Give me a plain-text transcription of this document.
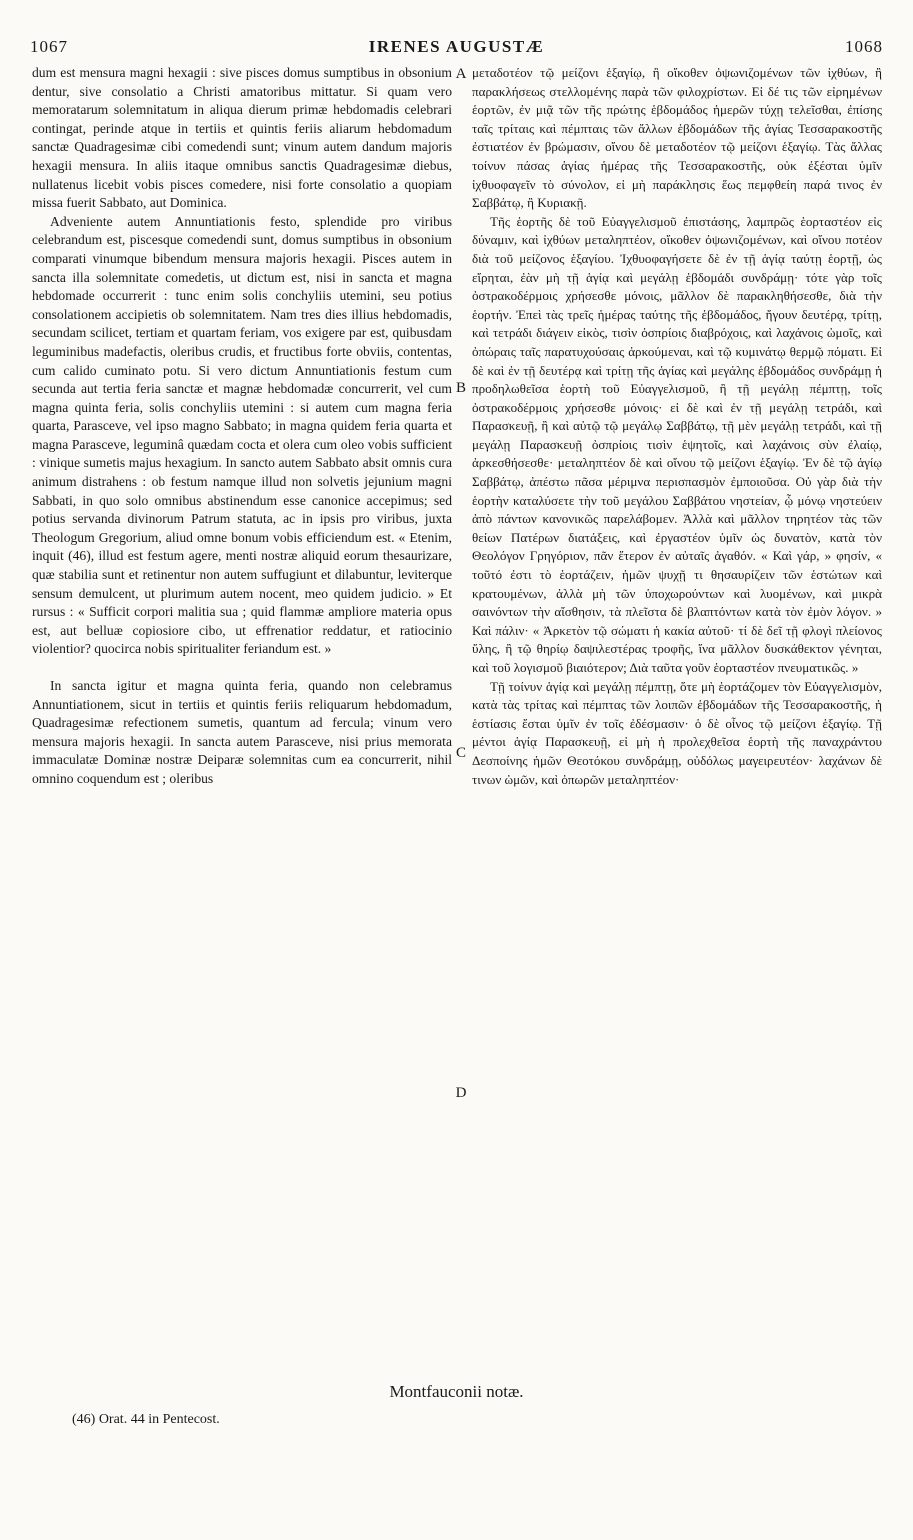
1067	IRENES AUGUSTÆ	1068

dum est mensura magni hexagii : sive pisces domus sumptibus in obsonium dentur, sive consolatio a Christi amatoribus mittatur. Si quam vero memoratarum solemnitatum in aliqua dierum primæ hebdomadis celebrari contingat, perinde atque in tertiis et quintis feriis aliarum hebdomadum sanctæ Quadragesimæ cibi comedendi sunt; vinum autem dandum majoris hexagii mensura. In aliis itaque omnibus sanctis Quadragesimæ diebus, nullatenus licebit vobis pisces comedere, nisi forte consolatio a quopiam missa fuerit Sabbato, aut Dominica.

Adveniente autem Annuntiationis festo, splendide pro viribus celebrandum est, piscesque comedendi sunt, domus sumptibus in obsonium comparati vinumque bibendum mensura majoris hexagii. Pisces autem in sancta illa solemnitate comedetis, ut dictum est, nisi in sancta et magna hebdomade occurrerit : tunc enim solis conchyliis utemini, seu potius consolationem accipietis ob solemnitatem. Nam tres dies illius hebdomadis, secundam scilicet, tertiam et quartam feriam, vos exigere par est, quibusdam leguminibus madefactis, oleribus crudis, et fructibus forte obviis, contentas, cum calido cuminato potu. Si vero dictum Annuntiationis festum cum secunda aut tertia feria sanctæ et magnæ hebdomadæ concurrerit, vel cum magna quinta feria, solis conchyliis utemini : si autem cum magna feria quarta, Parasceve, vel ipso magno Sabbato; in magna quidem feria quarta et magna Parasceve, leguminâ quædam cocta et olera cum oleo vobis sufficient : vinique sumetis majus hexagium. In sancto autem Sabbato absit omnis cura animum distrahens : ob festum namque illud non solvetis jejunium magni Sabbati, in quo solo omnibus abstinendum esse canonice accepimus; sed potius servanda divinorum Patrum statuta, ac in ipsis pro viribus, juxta Theologum Gregorium, aliud omne bonum vobis efficiendum est. « Etenim, inquit (46), illud est festum agere, menti nostræ aliquid eorum thesaurizare, quæ stabilia sunt et retinentur non autem suffugiunt et dilabuntur, leviterque sensum demulcent, ut plurimum autem nocent, meo quidem judicio. » Et rursus : « Sufficit corpori malitia sua ; quid flammæ ampliore materia opus est, aut belluæ copiosiore cibo, ut effrenatior reddatur, et ratiocinio violentior? quocirca nobis spiritualiter feriandum est. »

In sancta igitur et magna quinta feria, quando non celebramus Annuntiationem, sicut in tertiis et quintis feriis reliquarum hebdomadum, Quadragesimæ refectionem sumetis, quantum ad fercula; vinum vero mensura majoris hexagii. In sancta autem Parasceve, nisi prius memorata immaculatæ Dominæ nostræ Deiparæ solemnitas cum ea concurrerit, nihil omnino coquendum est ; oleribus

A
B
C
D

μεταδοτέον τῷ μείζονι ἑξαγίῳ, ἢ οἴκοθεν ὀψωνιζομένων τῶν ἰχθύων, ἢ παρακλήσεως στελλομένης παρὰ τῶν φιλοχρίστων. Εἰ δέ τις τῶν εἰρημένων ἑορτῶν, ἐν μιᾷ τῶν τῆς πρώτης ἑβδομάδος ἡμερῶν τύχῃ τελεῖσθαι, ἐπίσης ταῖς τρίταις καὶ πέμπταις τῶν ἄλλων ἑβδομάδων τῆς ἁγίας Τεσσαρακοστῆς ἐστιατέον ἐν βρώμασιν, οἴνου δὲ μεταδοτέον τῷ μείζονι ἑξαγίῳ. Τὰς ἄλλας τοίνυν πάσας ἁγίας ἡμέρας τῆς Τεσσαρακοστῆς, οὐκ ἐξέσται ὑμῖν ἰχθυοφαγεῖν τὸ σύνολον, εἰ μὴ παράκλησις ἕως πεμφθείη παρά τινος ἐν Σαββάτῳ, ἢ Κυριακῇ.

Τῆς ἑορτῆς δὲ τοῦ Εὐαγγελισμοῦ ἐπιστάσης, λαμπρῶς ἑορταστέον εἰς δύναμιν, καὶ ἰχθύων μεταληπτέον, οἴκοθεν ὀψωνιζομένων, καὶ οἴνου ποτέον διὰ τοῦ μείζονος ἑξαγίου. Ἰχθυοφαγήσετε δὲ ἐν τῇ ἁγίᾳ ταύτῃ ἑορτῇ, ὡς εἴρηται, ἐὰν μὴ τῇ ἁγίᾳ καὶ μεγάλῃ ἑβδομάδι συνδράμῃ· τότε γὰρ τοῖς ὀστρακοδέρμοις χρήσεσθε μόνοις, μᾶλλον δὲ παρακληθήσεσθε, διὰ τὴν ἑορτήν. Ἐπεὶ τὰς τρεῖς ἡμέρας ταύτης τῆς ἑβδομάδος, ἤγουν δευτέρᾳ, τρίτῃ, καὶ τετράδι διάγειν εἰκὸς, τισὶν ὀσπρίοις διαβρόχοις, καὶ λαχάνοις ὠμοῖς, καὶ ὀπώραις ταῖς παρατυχούσαις ἀρκούμεναι, καὶ τῷ κυμινάτῳ θερμῷ πόματι. Εἰ δὲ καὶ ἐν τῇ δευτέρᾳ καὶ τρίτῃ τῆς ἁγίας καὶ μεγάλης ἑβδομάδος συνδράμῃ ἡ προδηλωθεῖσα ἑορτὴ τοῦ Εὐαγγελισμοῦ, ἢ τῇ μεγάλῃ πέμπτῃ, τοῖς ὀστρακοδέρμοις χρήσεσθε μόνοις· εἰ δὲ καὶ ἐν τῇ μεγάλῃ τετράδι, καὶ Παρασκευῇ, ἢ καὶ αὐτῷ τῷ μεγάλῳ Σαββάτῳ, τῇ μὲν μεγάλῃ τετράδι, καὶ τῇ μεγάλῃ Παρασκευῇ ὀσπρίοις τισὶν ἑψητοῖς, καὶ λαχάνοις σὺν ἐλαίῳ, ἀρκεσθήσεσθε· μεταληπτέον δὲ καὶ οἴνου τῷ μείζονι ἑξαγίῳ. Ἐν δὲ τῷ ἁγίῳ Σαββάτῳ, ἀπέστω πᾶσα μέριμνα περισπασμὸν ἐμποιοῦσα. Οὐ γὰρ διὰ τὴν ἑορτὴν καταλύσετε τὴν τοῦ μεγάλου Σαββάτου νηστείαν, ᾧ μόνῳ νηστεύειν ἀπὸ πάντων κανονικῶς παρελάβομεν. Ἀλλὰ καὶ μᾶλλον τηρητέον τὰς τῶν θείων Πατέρων διατάξεις, καὶ ἐργαστέον ὑμῖν ὡς δυνατὸν, κατὰ τὸν Θεολόγον Γρηγόριον, πᾶν ἕτερον ἐν αὐταῖς ἀγαθόν. « Καὶ γάρ, » φησίν, « τοῦτό ἐστι τὸ ἑορτάζειν, ἡμῶν ψυχῇ τι θησαυρίζειν τῶν ἑστώτων καὶ κρατουμένων, ἀλλὰ μὴ τῶν ὑποχωρούντων καὶ λυομένων, καὶ μικρὰ σαινόντων τὴν αἴσθησιν, τὰ πλεῖστα δὲ βλαπτόντων κατὰ τὸν ἐμὸν λόγον. » Καὶ πάλιν· « Ἀρκετὸν τῷ σώματι ἡ κακία αὐτοῦ· τί δὲ δεῖ τῇ φλογὶ πλείονος ὕλης, ἢ τῷ θηρίῳ δαψιλεστέρας τροφῆς, ἵνα μᾶλλον δυσκάθεκτον γένηται, καὶ τοῦ λογισμοῦ βιαιότερον; Διὰ ταῦτα γοῦν ἑορταστέον πνευματικῶς. »

Τῇ τοίνυν ἁγίᾳ καὶ μεγάλῃ πέμπτῃ, ὅτε μὴ ἑορτάζομεν τὸν Εὐαγγελισμὸν, κατὰ τὰς τρίτας καὶ πέμπτας τῶν λοιπῶν ἑβδομάδων τῆς Τεσσαρακοστῆς, ἡ ἑστίασις ἔσται ὑμῖν ἐν τοῖς ἐδέσμασιν· ὁ δὲ οἶνος τῷ μείζονι ἑξαγίῳ. Τῇ μέντοι ἁγίᾳ Παρασκευῇ, εἰ μὴ ἡ προλεχθεῖσα ἑορτὴ τῆς παναχράντου Δεσποίνης ἡμῶν Θεοτόκου συνδράμῃ, οὐδόλως μαγειρευτέον· λαχάνων δὲ τινων ὠμῶν, καὶ ὀπωρῶν μεταληπτέον·

Montfauconii notæ.
(46) Orat. 44 in Pentecost.
